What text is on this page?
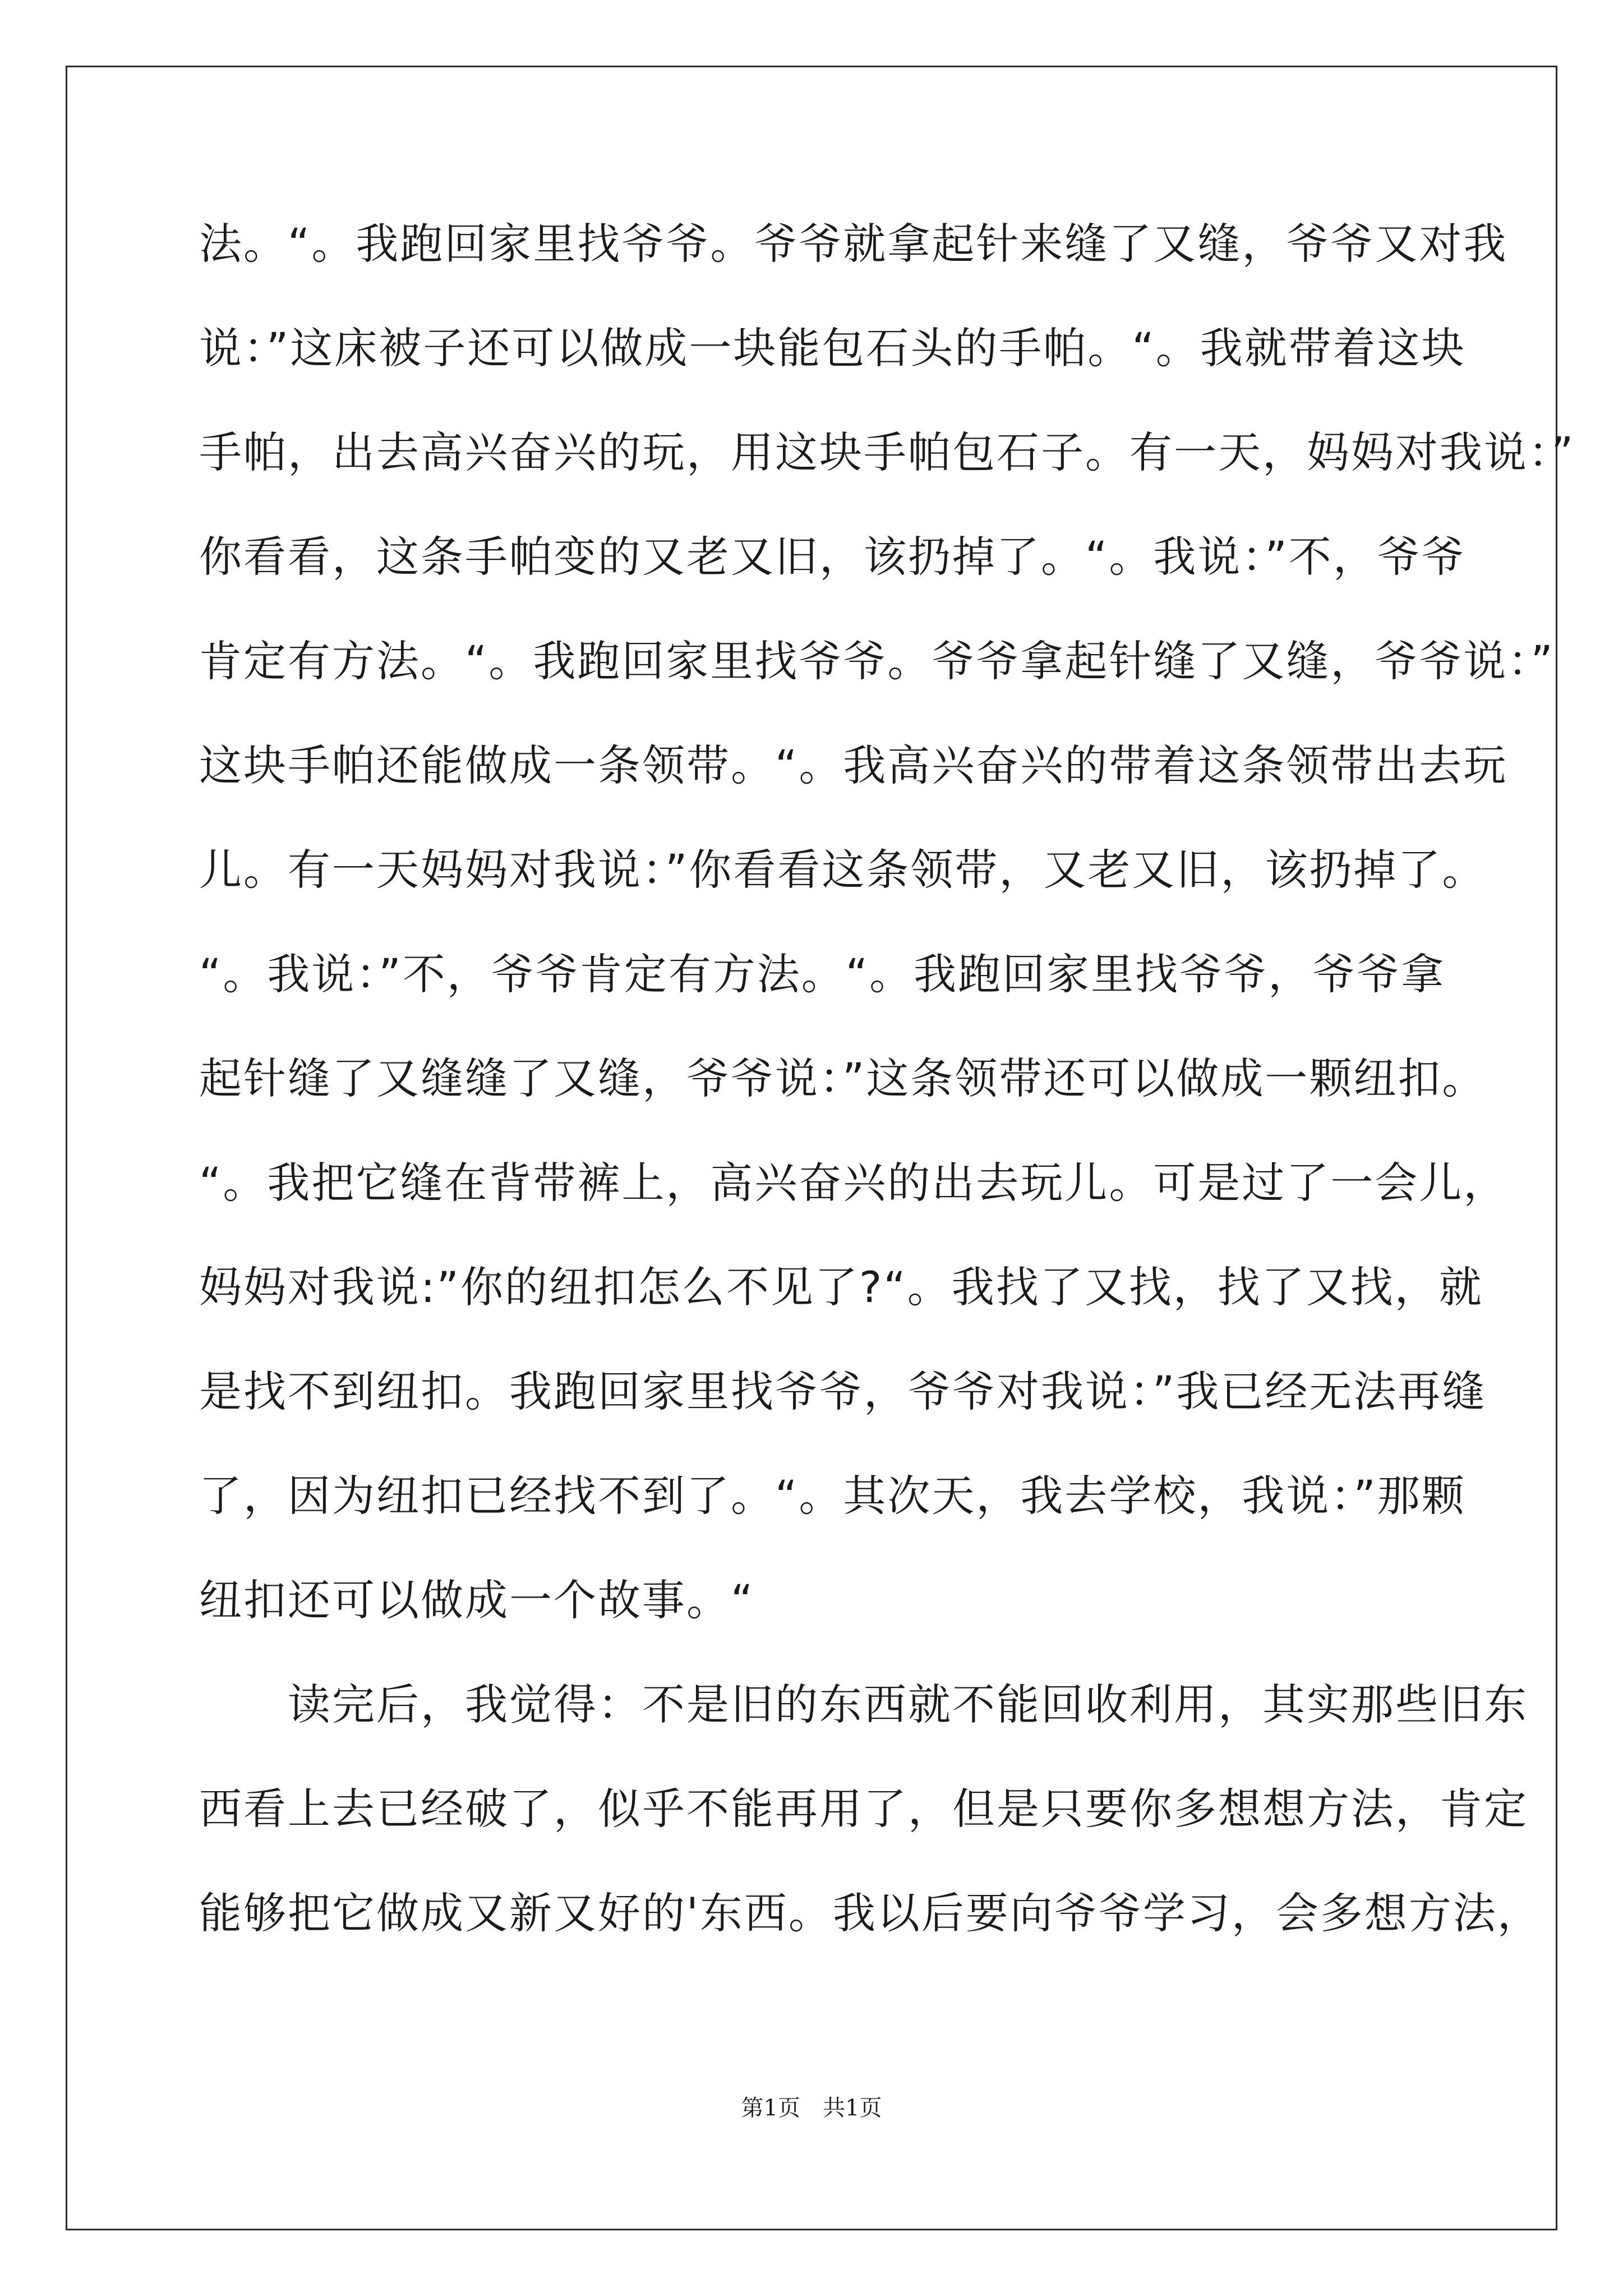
法。“。我跑回家里找爷爷。爷爷就拿起针来缝了又缝，爷爷又对我
说：”这床被子还可以做成一块能包石头的手帕。“。我就带着这块
手帕，出去高兴奋兴的玩，用这块手帕包石子。有一天，妈妈对我说：”
你看看，这条手帕变的又老又旧，该扔掉了。“。我说：”不，爷爷
肯定有方法。“。我跑回家里找爷爷。爷爷拿起针缝了又缝，爷爷说：”
这块手帕还能做成一条领带。“。我高兴奋兴的带着这条领带出去玩
儿。有一天妈妈对我说：”你看看这条领带，又老又旧，该扔掉了。
“。我说：”不，爷爷肯定有方法。“。我跑回家里找爷爷，爷爷拿
起针缝了又缝缝了又缝，爷爷说：”这条领带还可以做成一颗纽扣。
“。我把它缝在背带裤上，高兴奋兴的出去玩儿。可是过了一会儿，
妈妈对我说:”你的纽扣怎么不见了?“。我找了又找，找了又找，就
是找不到纽扣。我跑回家里找爷爷，爷爷对我说：”我已经无法再缝
了，因为纽扣已经找不到了。“。其次天，我去学校，我说：”那颗
纽扣还可以做成一个故事。“
　　读完后，我觉得：不是旧的东西就不能回收利用，其实那些旧东
西看上去已经破了，似乎不能再用了，但是只要你多想想方法，肯定
能够把它做成又新又好的'东西。我以后要向爷爷学习，会多想方法，
第1页 共1页
